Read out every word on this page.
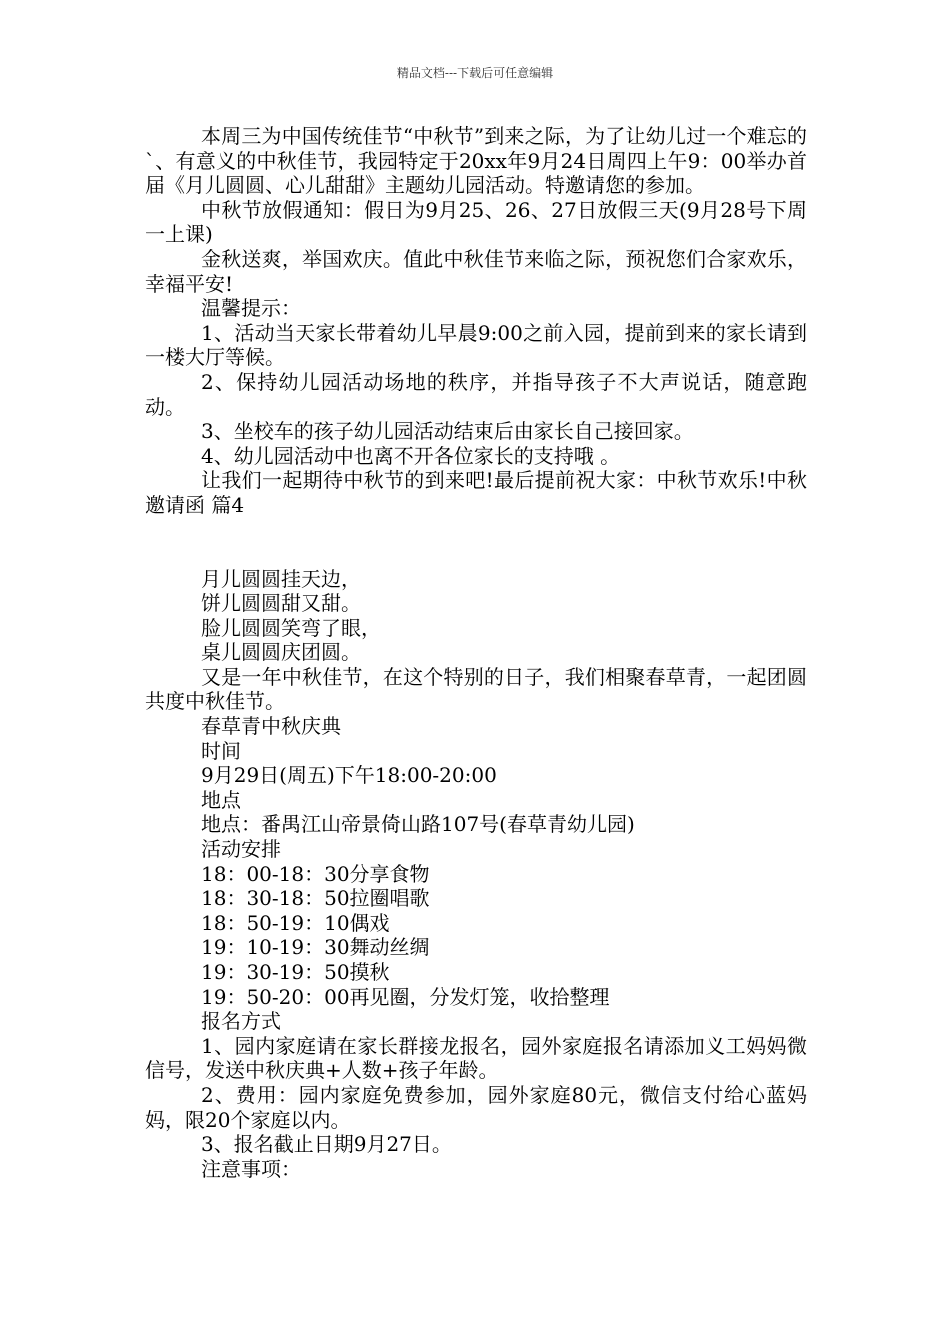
精品文档---下载后可任意编辑

本周三为中国传统佳节“中秋节”到来之际，为了让幼儿过一个难忘的`、有意义的中秋佳节，我园特定于20xx年9月24日周四上午9：00举办首届《月儿圆圆、心儿甜甜》主题幼儿园活动。特邀请您的参加。

中秋节放假通知：假日为9月25、26、27日放假三天(9月28号下周一上课)

金秋送爽，举国欢庆。值此中秋佳节来临之际，预祝您们合家欢乐，幸福平安!

温馨提示：

1、活动当天家长带着幼儿早晨9:00之前入园，提前到来的家长请到一楼大厅等候。

2、保持幼儿园活动场地的秩序，并指导孩子不大声说话，随意跑动。

3、坐校车的孩子幼儿园活动结束后由家长自己接回家。

4、幼儿园活动中也离不开各位家长的支持哦 。

让我们一起期待中秋节的到来吧!最后提前祝大家：中秋节欢乐!中秋邀请函 篇4

月儿圆圆挂天边，

饼儿圆圆甜又甜。

脸儿圆圆笑弯了眼，

桌儿圆圆庆团圆。

又是一年中秋佳节，在这个特别的日子，我们相聚春草青，一起团圆共度中秋佳节。

春草青中秋庆典

时间

9月29日(周五)下午18:00-20:00

地点

地点：番禺江山帝景倚山路107号(春草青幼儿园)

活动安排

18：00-18：30分享食物

18：30-18：50拉圈唱歌

18：50-19：10偶戏

19：10-19：30舞动丝绸

19：30-19：50摸秋

19：50-20：00再见圈，分发灯笼，收拾整理

报名方式

1、园内家庭请在家长群接龙报名，园外家庭报名请添加义工妈妈微信号，发送中秋庆典+人数+孩子年龄。

2、费用：园内家庭免费参加，园外家庭80元，微信支付给心蓝妈妈，限20个家庭以内。

3、报名截止日期9月27日。

注意事项：
